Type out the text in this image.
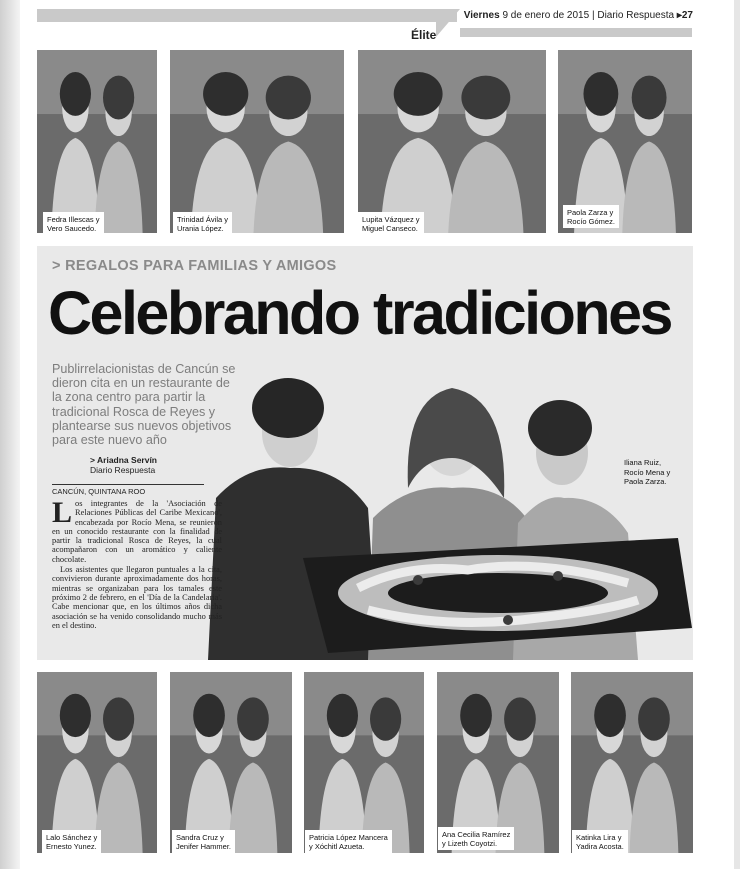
Viernes 9 de enero de 2015 | Diario Respuesta ▸27
Élite
Fedra Illescas y
Vero Saucedo.
Trinidad Ávila y
Urania López.
Lupita Vázquez y
Miguel Canseco.
Paola Zarza y
Rocío Gómez.
> REGALOS PARA FAMILIAS Y AMIGOS
Celebrando tradiciones
Publirrelacionistas de Cancún se dieron cita en un restaurante de la zona centro para partir la tradicional Rosca de Reyes y plantearse sus nuevos objetivos para este nuevo año
> Ariadna Servín
Diario Respuesta
CANCÚN, QUINTANA ROO

Los integrantes de la 'Asociación de Relaciones Públicas del Caribe Mexicano', encabezada por Rocío Mena, se reunieron en un conocido restaurante con la finalidad de partir la tradicional Rosca de Reyes, la cual acompañaron con un aromático y caliente chocolate.

Los asistentes que llegaron puntuales a la cita, convivieron durante aproximadamente dos horas, mientras se organizaban para los tamales este próximo 2 de febrero, en el 'Día de la Candelaria'. Cabe mencionar que, en los últimos años dicha asociación se ha venido consolidando mucho más en el destino.

Iliana Ruiz,
Rocío Mena y
Paola Zarza.
Lalo Sánchez y
Ernesto Yunez.
Sandra Cruz y
Jenifer Hammer.
Patricia López Mancera
y Xóchitl Azueta.
Ana Cecilia Ramírez
y Lizeth Coyotzi.
Katinka Lira y
Yadira Acosta.
